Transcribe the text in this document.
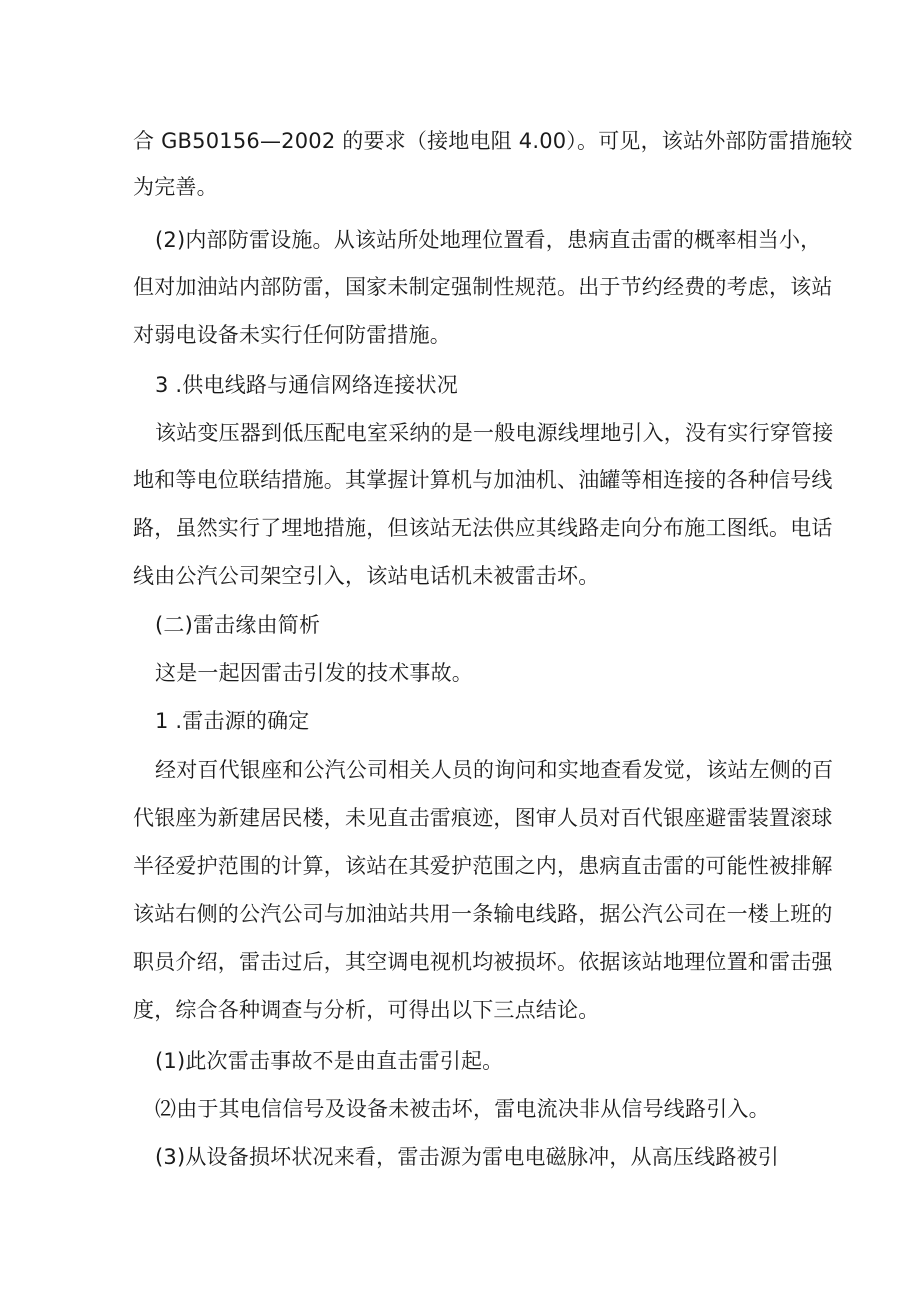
合 GB50156—2002 的要求（接地电阻 4.00）。可见，该站外部防雷措施较
为完善。
(2)内部防雷设施。从该站所处地理位置看，患病直击雷的概率相当小，
但对加油站内部防雷，国家未制定强制性规范。出于节约经费的考虑，该站
对弱电设备未实行任何防雷措施。
3 .供电线路与通信网络连接状况
该站变压器到低压配电室采纳的是一般电源线埋地引入，没有实行穿管接
地和等电位联结措施。其掌握计算机与加油机、油罐等相连接的各种信号线
路，虽然实行了埋地措施，但该站无法供应其线路走向分布施工图纸。电话
线由公汽公司架空引入，该站电话机未被雷击坏。
(二)雷击缘由简析
这是一起因雷击引发的技术事故。
1 .雷击源的确定
经对百代银座和公汽公司相关人员的询问和实地查看发觉，该站左侧的百
代银座为新建居民楼，未见直击雷痕迹，图审人员对百代银座避雷装置滚球
半径爱护范围的计算，该站在其爱护范围之内，患病直击雷的可能性被排解
该站右侧的公汽公司与加油站共用一条输电线路，据公汽公司在一楼上班的
职员介绍，雷击过后，其空调电视机均被损坏。依据该站地理位置和雷击强
度，综合各种调查与分析，可得出以下三点结论。
(1)此次雷击事故不是由直击雷引起。
⑵由于其电信信号及设备未被击坏，雷电流决非从信号线路引入。
(3)从设备损坏状况来看，雷击源为雷电电磁脉冲，从高压线路被引
